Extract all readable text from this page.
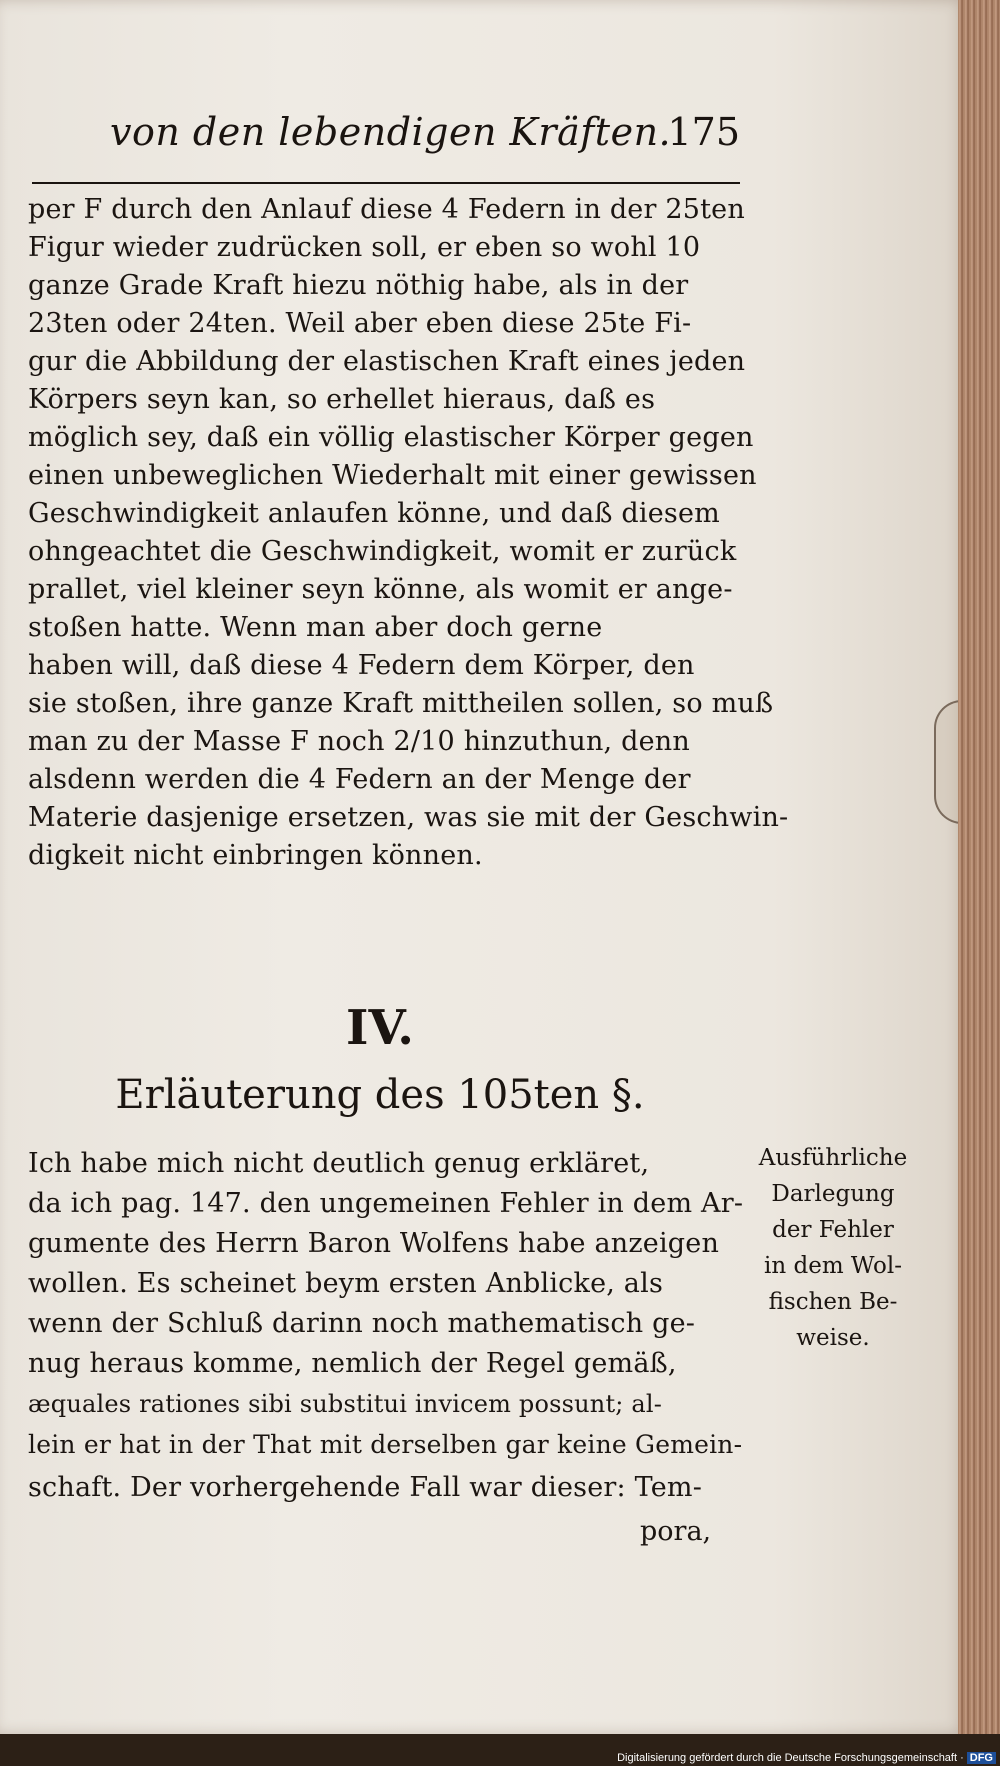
von den lebendigen Kräften.
175
per F durch den Anlauf diese 4 Federn in der 25ten
Figur wieder zudrücken soll, er eben so wohl 10
ganze Grade Kraft hiezu nöthig habe, als in der
23ten oder 24ten. Weil aber eben diese 25te Fi-
gur die Abbildung der elastischen Kraft eines jeden
Körpers seyn kan, so erhellet hieraus, daß es
möglich sey, daß ein völlig elastischer Körper gegen
einen unbeweglichen Wiederhalt mit einer gewissen
Geschwindigkeit anlaufen könne, und daß diesem
ohngeachtet die Geschwindigkeit, womit er zurück
prallet, viel kleiner seyn könne, als womit er ange-
stoßen hatte. Wenn man aber doch gerne
haben will, daß diese 4 Federn dem Körper, den
sie stoßen, ihre ganze Kraft mittheilen sollen, so muß
man zu der Masse F noch 2/10 hinzuthun, denn
alsdenn werden die 4 Federn an der Menge der
Materie dasjenige ersetzen, was sie mit der Geschwin-
digkeit nicht einbringen können.
IV.
Erläuterung des 105ten §.
Ich habe mich nicht deutlich genug erkläret,
da ich pag. 147. den ungemeinen Fehler in dem Ar-
gumente des Herrn Baron Wolfens habe anzeigen
wollen. Es scheinet beym ersten Anblicke, als
wenn der Schluß darinn noch mathematisch ge-
nug heraus komme, nemlich der Regel gemäß,
æquales rationes sibi substitui invicem possunt; al-
lein er hat in der That mit derselben gar keine Gemein-
schaft. Der vorhergehende Fall war dieser: Tem-
pora,
Ausführliche
Darlegung
der Fehler
in dem Wol-
fischen Be-
weise.
Digitalisierung gefördert durch die Deutsche Forschungsgemeinschaft · DFG
